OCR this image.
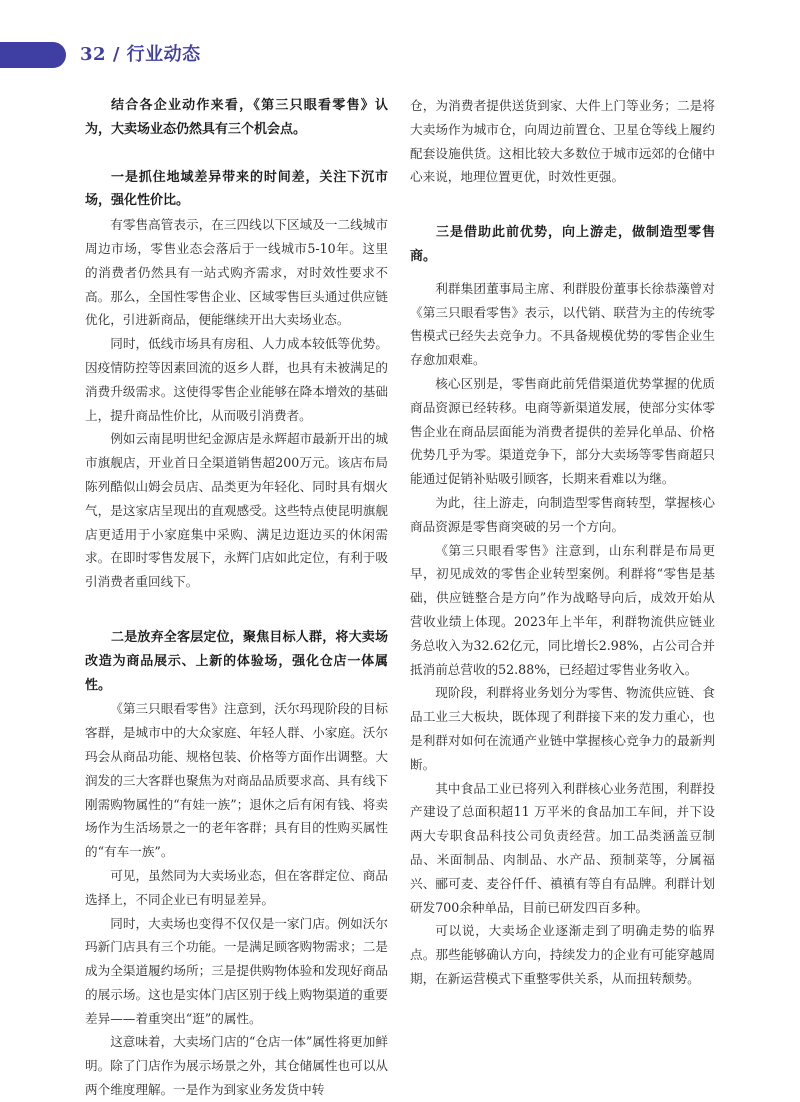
32 / 行业动态

结合各企业动作来看，《第三只眼看零售》认为，大卖场业态仍然具有三个机会点。

一是抓住地域差异带来的时间差，关注下沉市场，强化性价比。

有零售高管表示，在三四线以下区域及一二线城市周边市场，零售业态会落后于一线城市5-10年。这里的消费者仍然具有一站式购齐需求，对时效性要求不高。那么，全国性零售企业、区域零售巨头通过供应链优化，引进新商品，便能继续开出大卖场业态。

同时，低线市场具有房租、人力成本较低等优势。因疫情防控等因素回流的返乡人群，也具有未被满足的消费升级需求。这使得零售企业能够在降本增效的基础上，提升商品性价比，从而吸引消费者。

例如云南昆明世纪金源店是永辉超市最新开出的城市旗舰店，开业首日全渠道销售超200万元。该店布局陈列酷似山姆会员店、品类更为年轻化、同时具有烟火气，是这家店呈现出的直观感受。这些特点使昆明旗舰店更适用于小家庭集中采购、满足边逛边买的休闲需求。在即时零售发展下，永辉门店如此定位，有利于吸引消费者重回线下。

二是放弃全客层定位，聚焦目标人群，将大卖场改造为商品展示、上新的体验场，强化仓店一体属性。

《第三只眼看零售》注意到，沃尔玛现阶段的目标客群，是城市中的大众家庭、年轻人群、小家庭。沃尔玛会从商品功能、规格包装、价格等方面作出调整。大润发的三大客群也聚焦为对商品品质要求高、具有线下刚需购物属性的“有娃一族”；退休之后有闲有钱、将卖场作为生活场景之一的老年客群；具有目的性购买属性的“有车一族”。

可见，虽然同为大卖场业态，但在客群定位、商品选择上，不同企业已有明显差异。

同时，大卖场也变得不仅仅是一家门店。例如沃尔玛新门店具有三个功能。一是满足顾客购物需求；二是成为全渠道履约场所；三是提供购物体验和发现好商品的展示场。这也是实体门店区别于线上购物渠道的重要差异——着重突出“逛”的属性。

这意味着，大卖场门店的“仓店一体”属性将更加鲜明。除了门店作为展示场景之外，其仓储属性也可以从两个维度理解。一是作为到家业务发货中转

仓，为消费者提供送货到家、大件上门等业务；二是将大卖场作为城市仓，向周边前置仓、卫星仓等线上履约配套设施供货。这相比较大多数位于城市远郊的仓储中心来说，地理位置更优，时效性更强。

三是借助此前优势，向上游走，做制造型零售商。

利群集团董事局主席、利群股份董事长徐恭藻曾对《第三只眼看零售》表示，以代销、联营为主的传统零售模式已经失去竞争力。不具备规模优势的零售企业生存愈加艰难。

核心区别是，零售商此前凭借渠道优势掌握的优质商品资源已经转移。电商等新渠道发展，使部分实体零售企业在商品层面能为消费者提供的差异化单品、价格优势几乎为零。渠道竞争下，部分大卖场等零售商超只能通过促销补贴吸引顾客，长期来看难以为继。

为此，往上游走，向制造型零售商转型，掌握核心商品资源是零售商突破的另一个方向。

《第三只眼看零售》注意到，山东利群是布局更早，初见成效的零售企业转型案例。利群将“零售是基础，供应链整合是方向”作为战略导向后，成效开始从营收业绩上体现。2023年上半年，利群物流供应链业务总收入为32.62亿元，同比增长2.98%，占公司合并抵消前总营收的52.88%，已经超过零售业务收入。

现阶段，利群将业务划分为零售、物流供应链、食品工业三大板块，既体现了利群接下来的发力重心，也是利群对如何在流通产业链中掌握核心竞争力的最新判断。

其中食品工业已将列入利群核心业务范围，利群投产建设了总面积超11 万平米的食品加工车间，并下设两大专职食品科技公司负责经营。加工品类涵盖豆制品、米面制品、肉制品、水产品、预制菜等，分属福兴、郦可麦、麦谷仟仟、禛禛有等自有品牌。利群计划研发700余种单品，目前已研发四百多种。

可以说，大卖场企业逐渐走到了明确走势的临界点。那些能够确认方向，持续发力的企业有可能穿越周期，在新运营模式下重整零供关系，从而扭转颓势。
